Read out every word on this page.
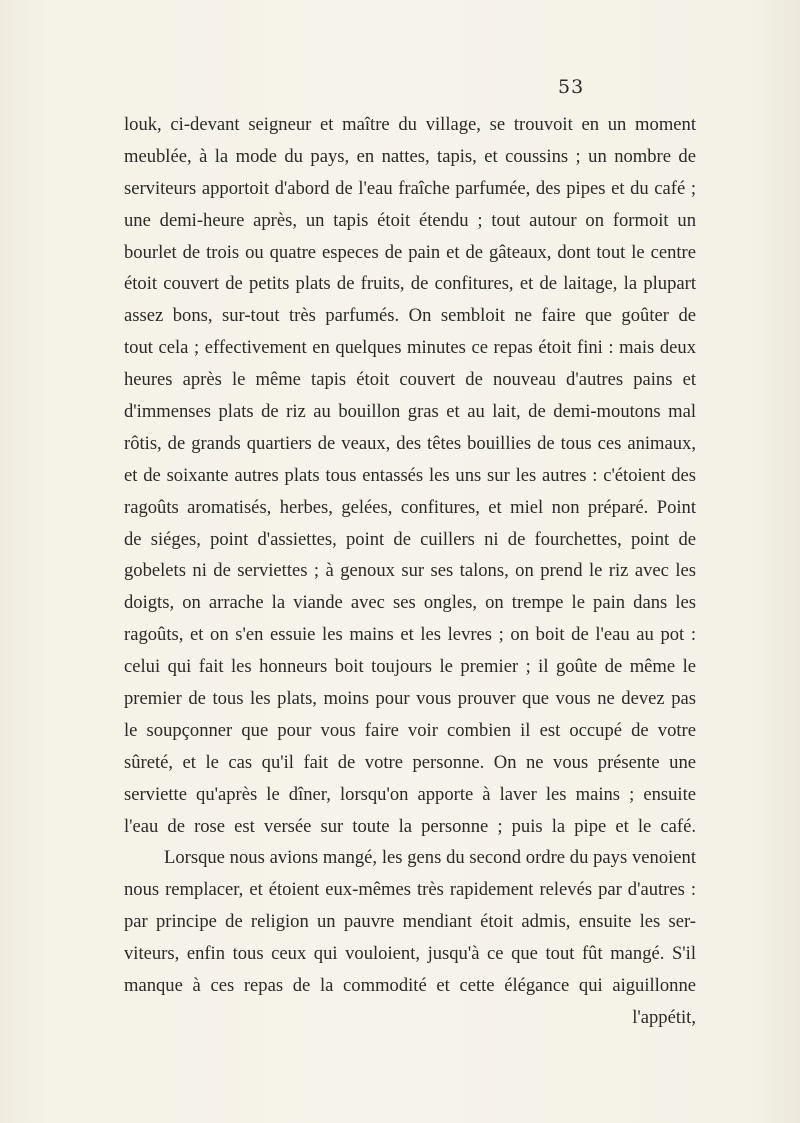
53
louk, ci-devant seigneur et maître du village, se trouvoit en un moment
meublée, à la mode du pays, en nattes, tapis, et coussins ; un nombre de
serviteurs apportoit d'abord de l'eau fraîche parfumée, des pipes et du café ;
une demi-heure après, un tapis étoit étendu ; tout autour on formoit un
bourlet de trois ou quatre especes de pain et de gâteaux, dont tout le centre
étoit couvert de petits plats de fruits, de confitures, et de laitage, la plupart
assez bons, sur-tout très parfumés. On sembloit ne faire que goûter de
tout cela ; effectivement en quelques minutes ce repas étoit fini : mais deux
heures après le même tapis étoit couvert de nouveau d'autres pains et
d'immenses plats de riz au bouillon gras et au lait, de demi-moutons mal
rôtis, de grands quartiers de veaux, des têtes bouillies de tous ces animaux,
et de soixante autres plats tous entassés les uns sur les autres : c'étoient des
ragoûts aromatisés, herbes, gelées, confitures, et miel non préparé. Point
de siéges, point d'assiettes, point de cuillers ni de fourchettes, point de
gobelets ni de serviettes ; à genoux sur ses talons, on prend le riz avec les
doigts, on arrache la viande avec ses ongles, on trempe le pain dans les
ragoûts, et on s'en essuie les mains et les levres ; on boit de l'eau au pot :
celui qui fait les honneurs boit toujours le premier ; il goûte de même le
premier de tous les plats, moins pour vous prouver que vous ne devez pas
le soupçonner que pour vous faire voir combien il est occupé de votre
sûreté, et le cas qu'il fait de votre personne. On ne vous présente une
serviette qu'après le dîner, lorsqu'on apporte à laver les mains ; ensuite
l'eau de rose est versée sur toute la personne ; puis la pipe et le café.
Lorsque nous avions mangé, les gens du second ordre du pays venoient
nous remplacer, et étoient eux-mêmes très rapidement relevés par d'autres :
par principe de religion un pauvre mendiant étoit admis, ensuite les ser-
viteurs, enfin tous ceux qui vouloient, jusqu'à ce que tout fût mangé. S'il
manque à ces repas de la commodité et cette élégance qui aiguillonne
l'appétit,
